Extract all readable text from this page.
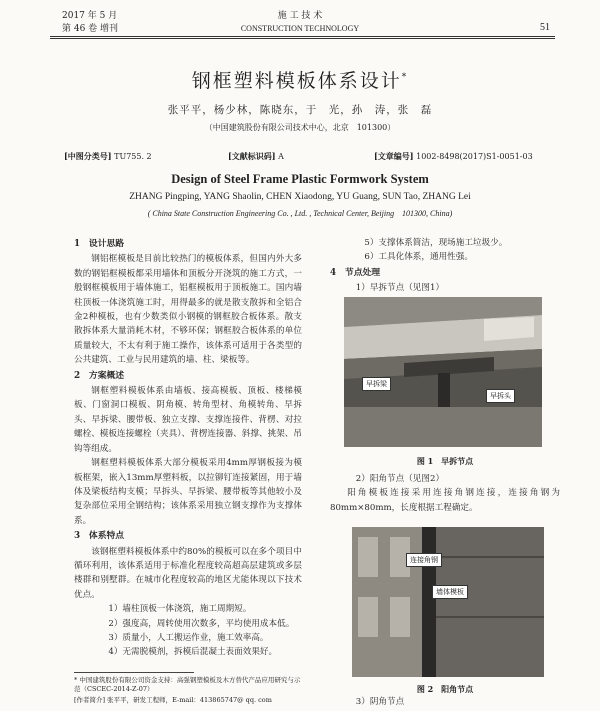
2017 年 5 月
第 46 卷 增刊
施 工 技 术
CONSTRUCTION TECHNOLOGY	51
钢框塑料模板体系设计*
张平平，杨少林，陈晓东，于　光，孙　涛，张　磊
（中国建筑股份有限公司技术中心，北京　101300）
[中图分类号] TU755. 2	[文献标识码] A	[文章编号] 1002-8498(2017)S1-0051-03
Design of Steel Frame Plastic Formwork System
ZHANG Pingping, YANG Shaolin, CHEN Xiaodong, YU Guang, SUN Tao, ZHANG Lei
( China State Construction Engineering Co. , Ltd. , Technical Center, Beijing　101300, China)
1　设计思路

钢铝框模板是目前比较热门的模板体系，但国内外大多数的钢铝框模板都采用墙体和顶板分开浇筑的施工方式，一般钢框模板用于墙体施工，铝框模板用于顶板施工。国内墙柱顶板一体浇筑施工时，用得最多的就是散支散拆和全铝合金2种模板，也有少数类似小钢模的钢框胶合板体系。散支散拆体系大量消耗木材，不够环保；钢框胶合板体系的单位质量较大，不太有利于施工操作，该体系可适用于各类型的公共建筑、工业与民用建筑的墙、柱、梁板等。

2　方案概述

钢框塑料模板体系由墙板、接高模板、顶板、楼梯模板、门窗洞口模板、阴角模、转角型材、角模转角、早拆头、早拆梁、腰带板、独立支撑、支撑连接件、背楞、对拉螺栓、模板连接螺栓（夹具）、背楞连接器、斜撑、挑架、吊钩等组成。

钢框塑料模板体系大部分模板采用4mm厚钢板接为模板框架，嵌入13mm厚塑料板，以拉铆钉连接紧固，用于墙体及梁板结构支模；早拆头、早拆梁、腰带板等其他较小及复杂部位采用全钢结构；该体系采用独立钢支撑作为支撑体系。

3　体系特点

该钢框塑料模板体系中约80%的模板可以在多个项目中循环利用，该体系适用于标准化程度较高超高层建筑或多层楼群和别墅群。在城市化程度较高的地区尤能体现以下技术优点。

1）墙柱顶板一体浇筑，施工周期短。

2）强度高，周转使用次数多，平均使用成本低。

3）质量小，人工搬运作业，施工效率高。

4）无需脱模剂，拆模后混凝土表面效果好。

* 中国建筑股份有限公司资金支持：高强钢塑模板及木方替代产品应用研究与示范（CSCEC-2014-Z-07）
[作者简介] 张平平，研发工程师，E-mail：413865747@ qq. com

5）支撑体系简洁，现场施工垃圾少。

6）工具化体系，通用性强。

4　节点处理

1）早拆节点（见图1）

早拆梁
早拆头
图 1　早拆节点

2）阳角节点（见图2）

阳角模板连接采用连接角钢连接，连接角钢为80mm×80mm，长度根据工程确定。

连接角钢
墙体模板
图 2　阳角节点

3）阴角节点
